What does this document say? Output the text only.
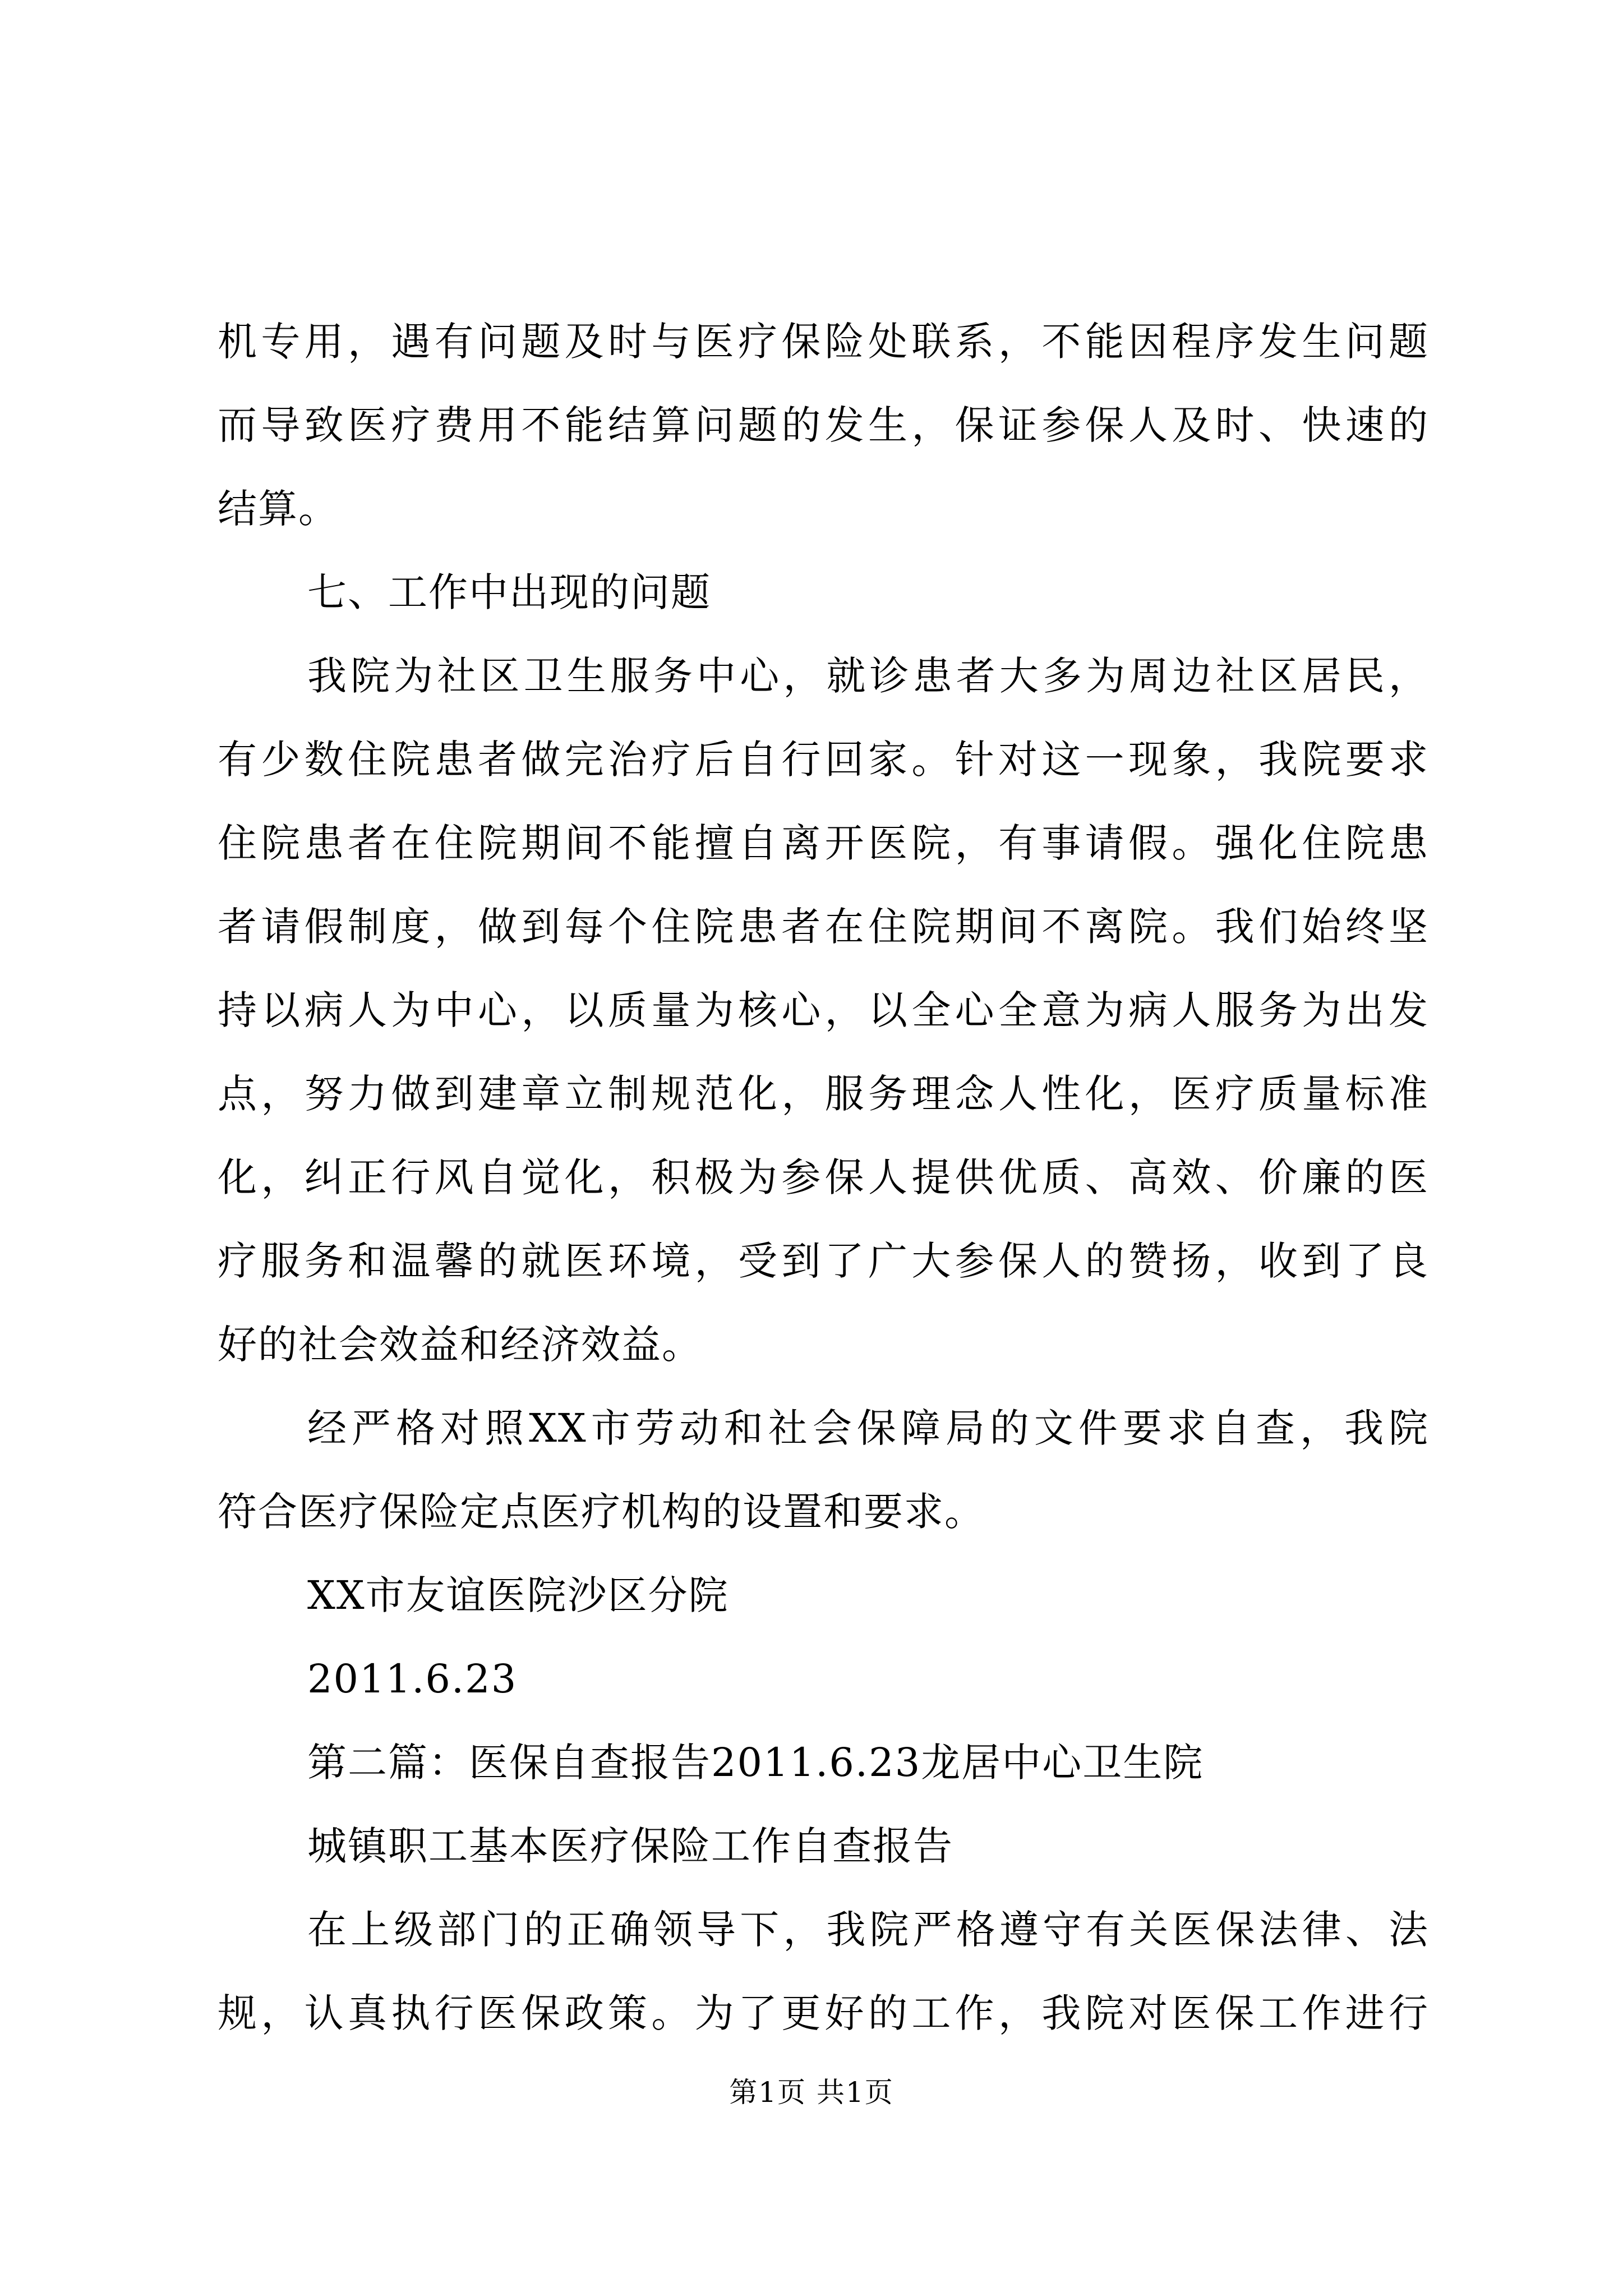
机专用，遇有问题及时与医疗保险处联系，不能因程序发生问题
而导致医疗费用不能结算问题的发生，保证参保人及时、快速的
结算。
七、工作中出现的问题
我院为社区卫生服务中心，就诊患者大多为周边社区居民，
有少数住院患者做完治疗后自行回家。针对这一现象，我院要求
住院患者在住院期间不能擅自离开医院，有事请假。强化住院患
者请假制度，做到每个住院患者在住院期间不离院。我们始终坚
持以病人为中心，以质量为核心，以全心全意为病人服务为出发
点，努力做到建章立制规范化，服务理念人性化，医疗质量标准
化，纠正行风自觉化，积极为参保人提供优质、高效、价廉的医
疗服务和温馨的就医环境，受到了广大参保人的赞扬，收到了良
好的社会效益和经济效益。
经严格对照XX市劳动和社会保障局的文件要求自查，我院
符合医疗保险定点医疗机构的设置和要求。
XX市友谊医院沙区分院
2011.6.23
第二篇：医保自查报告2011.6.23龙居中心卫生院
城镇职工基本医疗保险工作自查报告
在上级部门的正确领导下，我院严格遵守有关医保法律、法
规，认真执行医保政策。为了更好的工作，我院对医保工作进行
第1页 共1页
